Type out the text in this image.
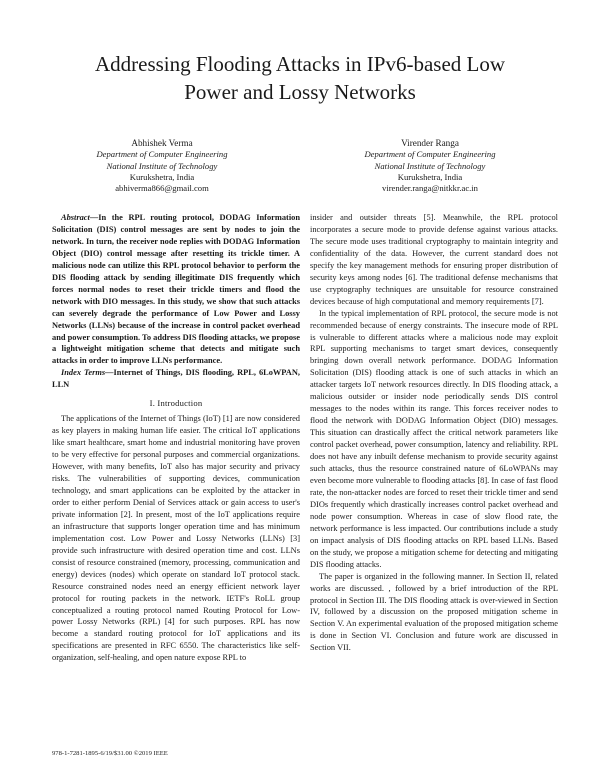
Addressing Flooding Attacks in IPv6-based Low
Power and Lossy Networks
Abhishek Verma
Department of Computer Engineering
National Institute of Technology
Kurukshetra, India
abhiverma866@gmail.com
Virender Ranga
Department of Computer Engineering
National Institute of Technology
Kurukshetra, India
virender.ranga@nitkkr.ac.in

Abstract—In the RPL routing protocol, DODAG Information Solicitation (DIS) control messages are sent by nodes to join the network. In turn, the receiver node replies with DODAG Information Object (DIO) control message after resetting its trickle timer. A malicious node can utilize this RPL protocol behavior to perform the DIS flooding attack by sending illegitimate DIS frequently which forces normal nodes to reset their trickle timers and flood the network with DIO messages. In this study, we show that such attacks can severely degrade the performance of Low Power and Lossy Networks (LLNs) because of the increase in control packet overhead and power consumption. To address DIS flooding attacks, we propose a lightweight mitigation scheme that detects and mitigate such attacks in order to improve LLNs performance.

Index Terms—Internet of Things, DIS flooding, RPL, 6LoWPAN, LLN

I. Introduction

The applications of the Internet of Things (IoT) [1] are now considered as key players in making human life easier. The critical IoT applications like smart healthcare, smart home and industrial monitoring have proven to be very effective for personal purposes and commercial organizations. However, with many benefits, IoT also has major security and privacy risks. The vulnerabilities of supporting devices, communication technology, and smart applications can be exploited by the attacker in order to either perform Denial of Services attack or gain access to user's private information [2]. In present, most of the IoT applications require an infrastructure that supports longer operation time and has minimum implementation cost. Low Power and Lossy Networks (LLNs) [3] provide such infrastructure with desired operation time and cost. LLNs consist of resource constrained (memory, processing, communication and energy) devices (nodes) which operate on standard IoT protocol stack. Resource constrained nodes need an energy efficient network layer protocol for routing packets in the network. IETF's RoLL group conceptualized a routing protocol named Routing Protocol for Low-power Lossy Networks (RPL) [4] for such purposes. RPL has now become a standard routing protocol for IoT applications and its specifications are presented in RFC 6550. The characteristics like self-organization, self-healing, and open nature expose RPL to

insider and outsider threats [5]. Meanwhile, the RPL protocol incorporates a secure mode to provide defense against various attacks. The secure mode uses traditional cryptography to maintain integrity and confidentiality of the data. However, the current standard does not specify the key management methods for ensuring proper distribution of security keys among nodes [6]. The traditional defense mechanisms that use cryptography techniques are unsuitable for resource constrained devices because of high computational and memory requirements [7].

In the typical implementation of RPL protocol, the secure mode is not recommended because of energy constraints. The insecure mode of RPL is vulnerable to different attacks where a malicious node may exploit RPL supporting mechanisms to target smart devices, consequently bringing down overall network performance. DODAG Information Solicitation (DIS) flooding attack is one of such attacks in which an attacker targets IoT network resources directly. In DIS flooding attack, a malicious outsider or insider node periodically sends DIS control messages to the nodes within its range. This forces receiver nodes to flood the network with DODAG Information Object (DIO) messages. This situation can drastically affect the critical network parameters like control packet overhead, power consumption, latency and reliability. RPL does not have any inbuilt defense mechanism to provide security against such attacks, thus the resource constrained nature of 6LoWPANs may even become more vulnerable to flooding attacks [8]. In case of fast flood rate, the non-attacker nodes are forced to reset their trickle timer and send DIOs frequently which drastically increases control packet overhead and node power consumption. Whereas in case of slow flood rate, the network performance is less impacted. Our contributions include a study on impact analysis of DIS flooding attacks on RPL based LLNs. Based on the study, we propose a mitigation scheme for detecting and mitigating DIS flooding attacks.

The paper is organized in the following manner. In Section II, related works are discussed. , followed by a brief introduction of the RPL protocol in Section III. The DIS flooding attack is over-viewed in Section IV, followed by a discussion on the proposed mitigation scheme in Section V. An experimental evaluation of the proposed mitigation scheme is done in Section VI. Conclusion and future work are discussed in Section VII.

978-1-7281-1895-6/19/$31.00 ©2019 IEEE
